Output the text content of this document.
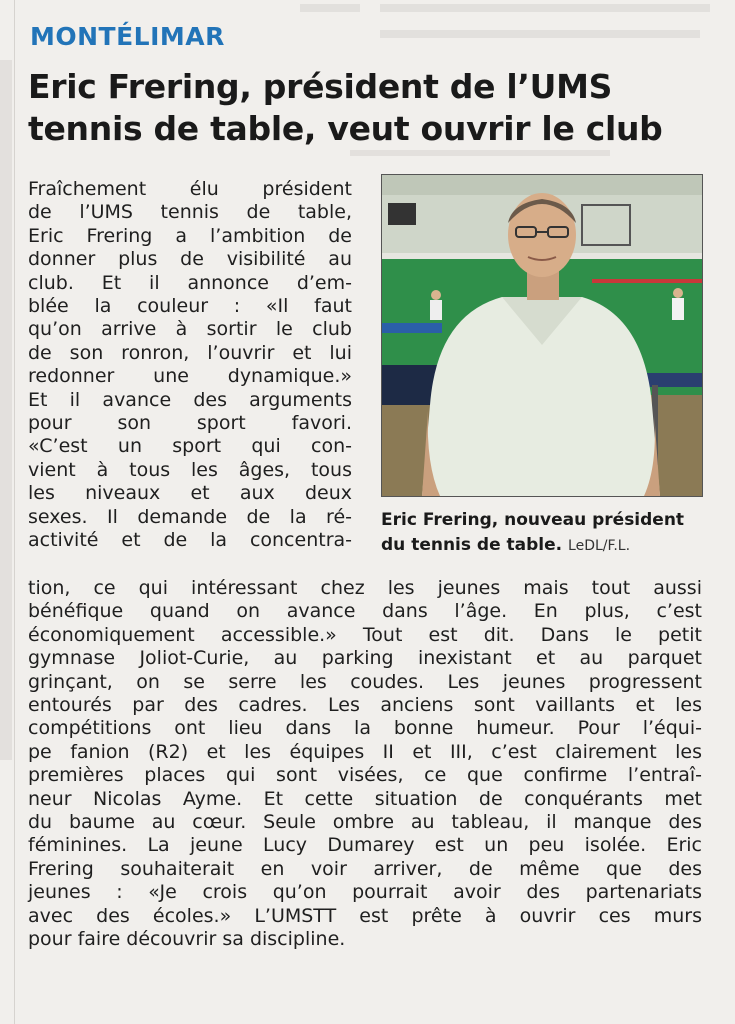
MONTÉLIMAR
Eric Frering, président de l’UMS
tennis de table, veut ouvrir le club

Eric Frering, nouveau président du tennis de table. LeDL/F.L.

Fraîchement élu président
de l’UMS tennis de table,
Eric Frering a l’ambition de
donner plus de visibilité au
club. Et il annonce d’em-
blée la couleur : «Il faut
qu’on arrive à sortir le club
de son ronron, l’ouvrir et lui
redonner une dynamique.»
Et il avance des arguments
pour son sport favori.
«C’est un sport qui con-
vient à tous les âges, tous
les niveaux et aux deux
sexes. Il demande de la ré-
activité et de la concentra-

tion, ce qui intéressant chez les jeunes mais tout aussi
bénéfique quand on avance dans l’âge. En plus, c’est
économiquement accessible.» Tout est dit. Dans le petit
gymnase Joliot-Curie, au parking inexistant et au parquet
grinçant, on se serre les coudes. Les jeunes progressent
entourés par des cadres. Les anciens sont vaillants et les
compétitions ont lieu dans la bonne humeur. Pour l’équi-
pe fanion (R2) et les équipes II et III, c’est clairement les
premières places qui sont visées, ce que confirme l’entraî-
neur Nicolas Ayme. Et cette situation de conquérants met
du baume au cœur. Seule ombre au tableau, il manque des
féminines. La jeune Lucy Dumarey est un peu isolée. Eric
Frering souhaiterait en voir arriver, de même que des
jeunes : «Je crois qu’on pourrait avoir des partenariats
avec des écoles.» L’UMSTT est prête à ouvrir ces murs
pour faire découvrir sa discipline.
